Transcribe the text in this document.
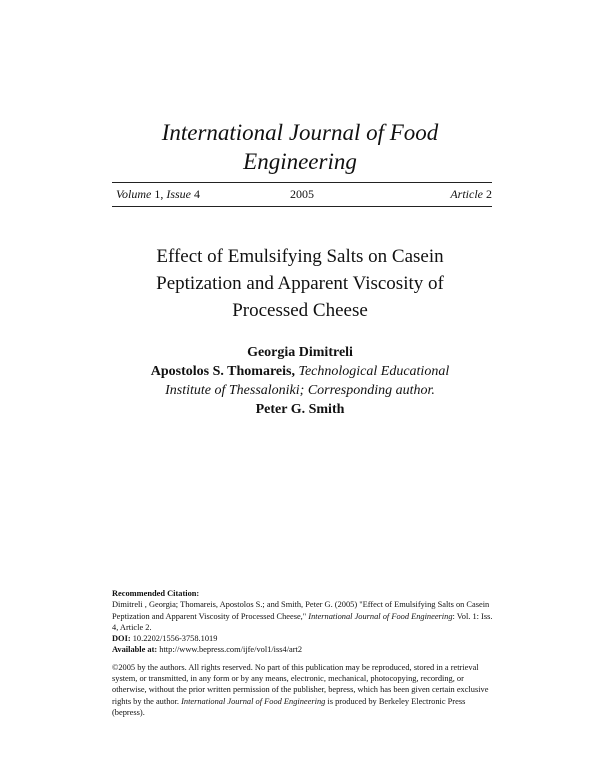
International Journal of Food
Engineering
Volume 1, Issue 4	2005	Article 2
Effect of Emulsifying Salts on Casein
Peptization and Apparent Viscosity of
Processed Cheese
Georgia Dimitreli
Apostolos S. Thomareis, Technological Educational
Institute of Thessaloniki; Corresponding author.
Peter G. Smith

Recommended Citation:

Dimitreli , Georgia; Thomareis, Apostolos S.; and Smith, Peter G. (2005) "Effect of Emulsifying Salts on Casein Peptization and Apparent Viscosity of Processed Cheese," International Journal of Food Engineering: Vol. 1: Iss. 4, Article 2.

DOI: 10.2202/1556-3758.1019

Available at: http://www.bepress.com/ijfe/vol1/iss4/art2

©2005 by the authors. All rights reserved. No part of this publication may be reproduced, stored in a retrieval system, or transmitted, in any form or by any means, electronic, mechanical, photocopying, recording, or otherwise, without the prior written permission of the publisher, bepress, which has been given certain exclusive rights by the author. International Journal of Food Engineering is produced by Berkeley Electronic Press (bepress).
